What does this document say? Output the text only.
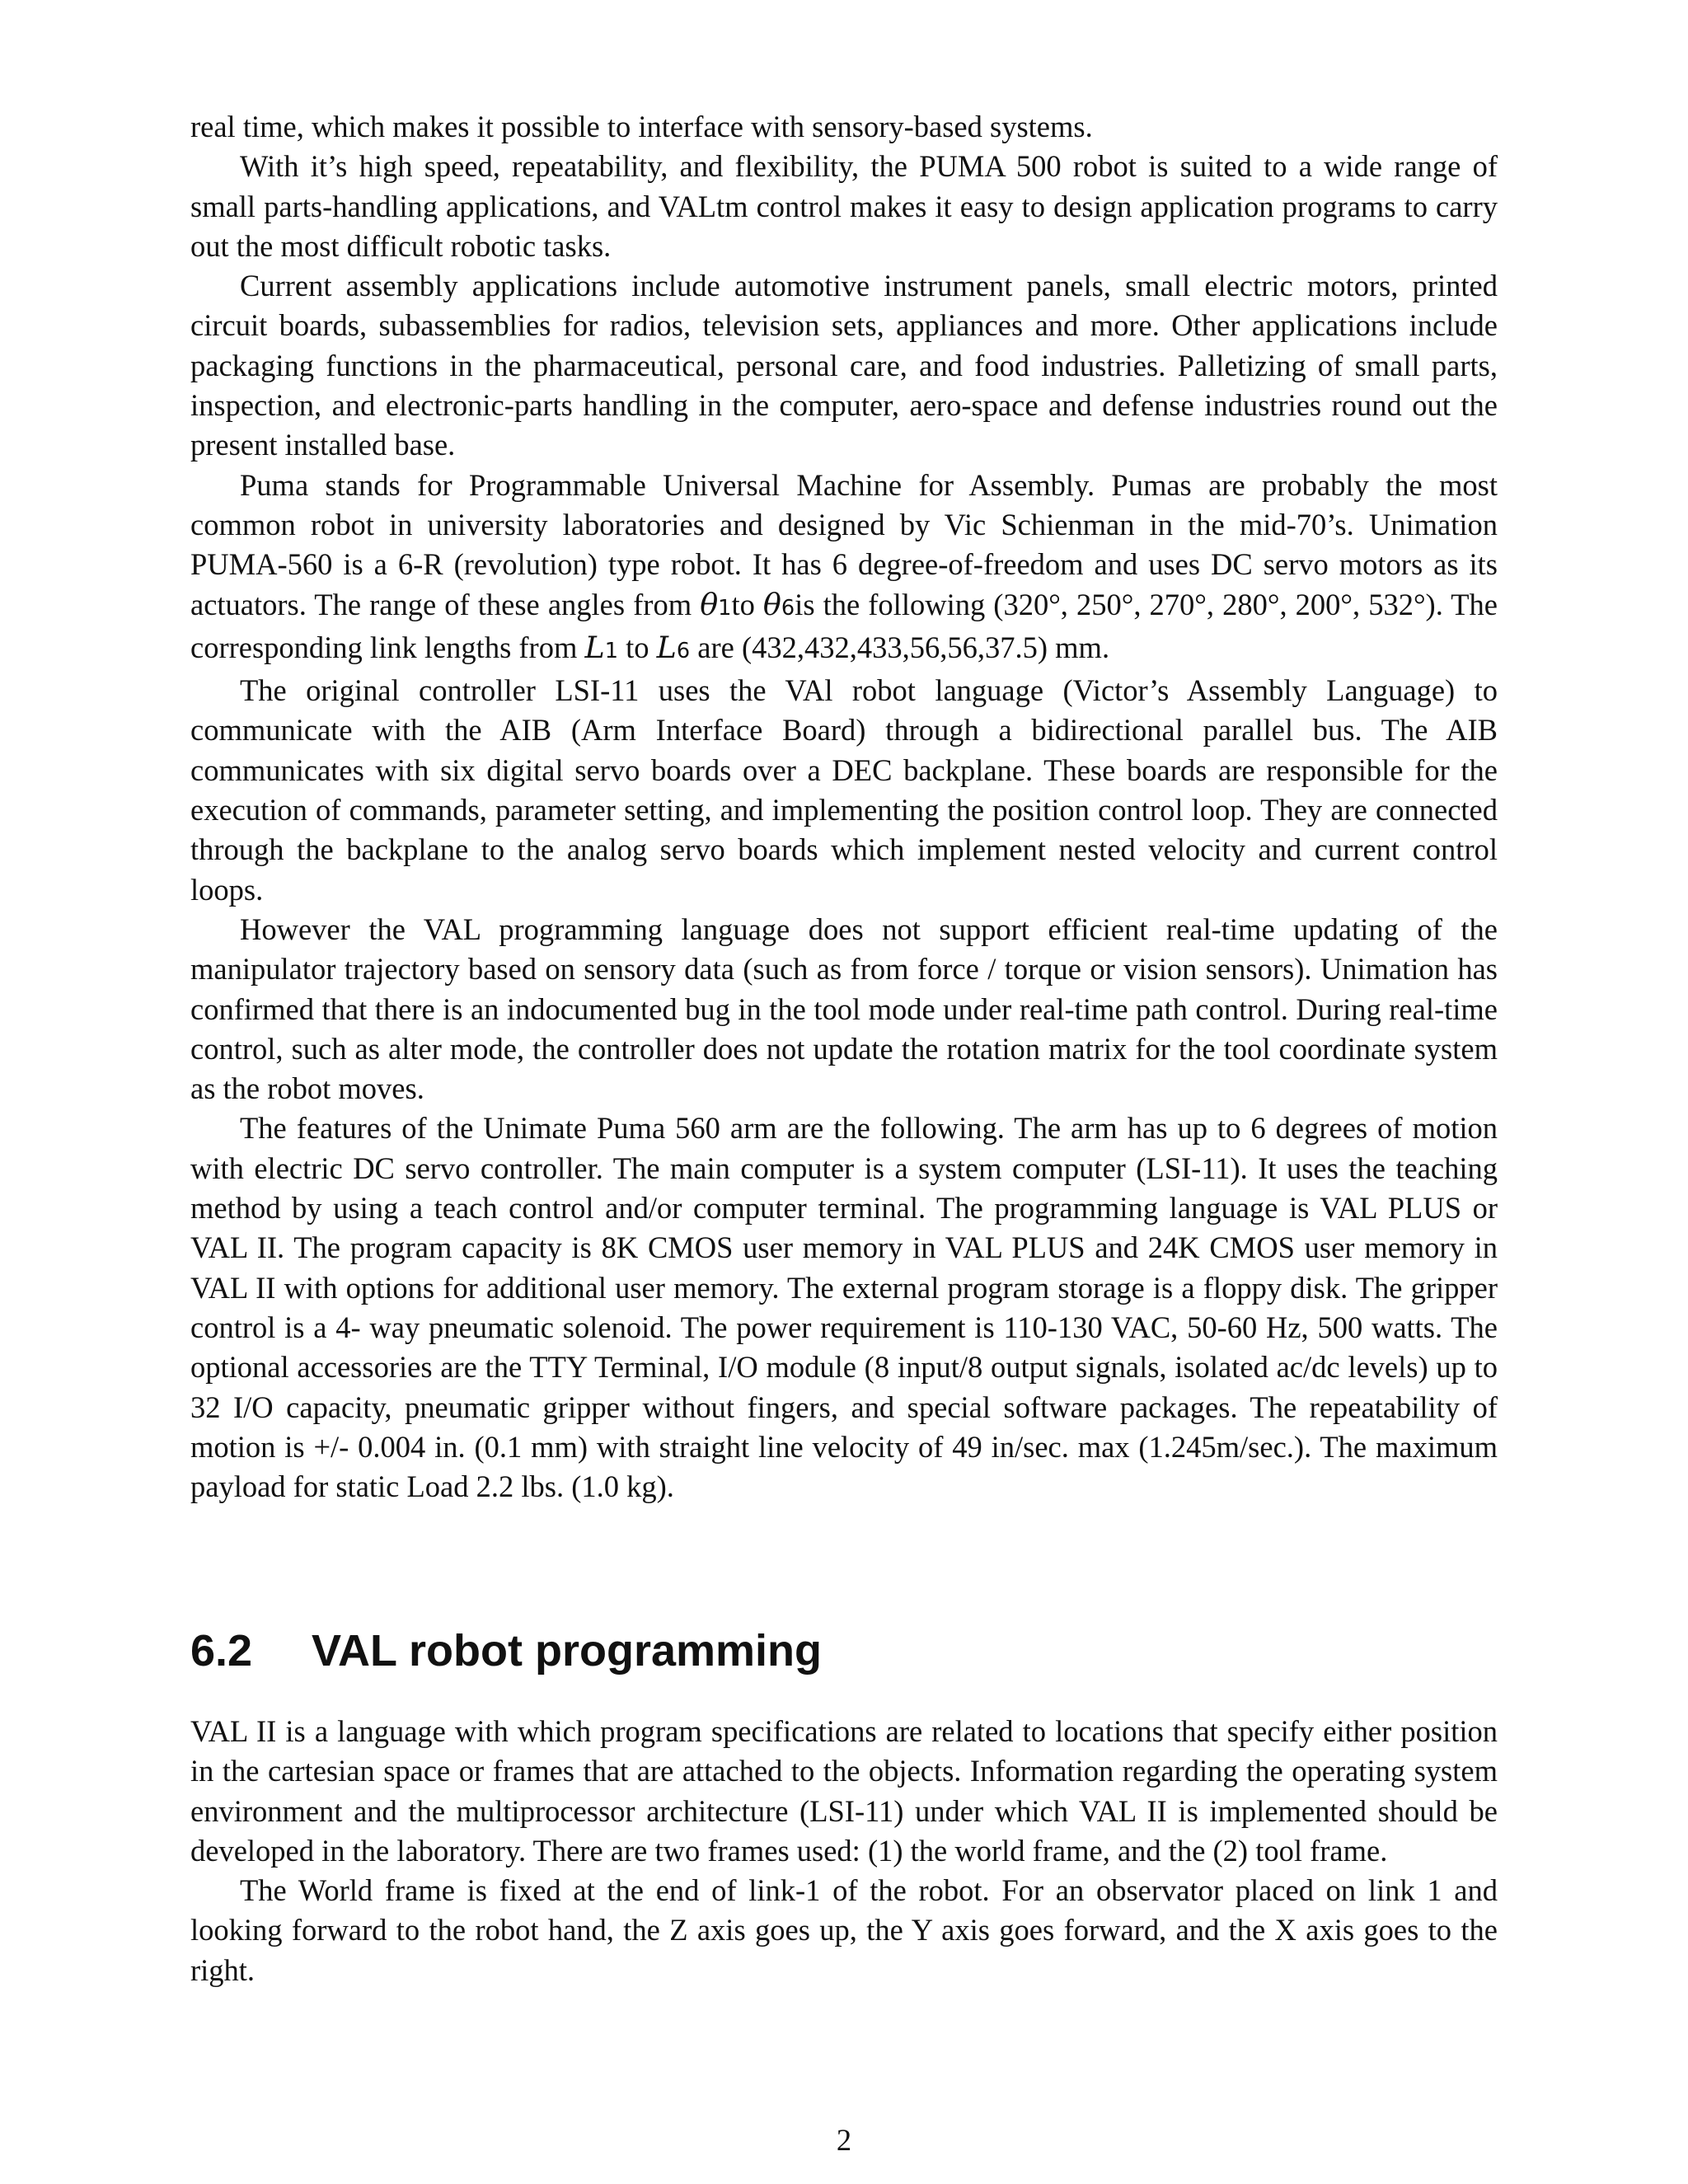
real time, which makes it possible to interface with sensory-based systems.

With it’s high speed, repeatability, and flexibility, the PUMA 500 robot is suited to a wide range of small parts-handling applications, and VALtm control makes it easy to design application programs to carry out the most difficult robotic tasks.

Current assembly applications include automotive instrument panels, small electric motors, printed circuit boards, subassemblies for radios, television sets, appliances and more. Other applications include packaging functions in the pharmaceutical, personal care, and food industries. Palletizing of small parts, inspection, and electronic-parts handling in the computer, aero-space and defense industries round out the present installed base.

Puma stands for Programmable Universal Machine for Assembly. Pumas are probably the most common robot in university laboratories and designed by Vic Schienman in the mid-70’s. Unimation PUMA-560 is a 6-R (revolution) type robot. It has 6 degree-of-freedom and uses DC servo motors as its actuators. The range of these angles from θ1to θ6is the following (320°, 250°, 270°, 280°, 200°, 532°). The corresponding link lengths from L1 to L6 are (432,432,433,56,56,37.5) mm.

The original controller LSI-11 uses the VAl robot language (Victor’s Assembly Language) to communicate with the AIB (Arm Interface Board) through a bidirectional parallel bus. The AIB communicates with six digital servo boards over a DEC backplane. These boards are responsible for the execution of commands, parameter setting, and implementing the position control loop. They are connected through the backplane to the analog servo boards which implement nested velocity and current control loops.

However the VAL programming language does not support efficient real-time updating of the manipulator trajectory based on sensory data (such as from force / torque or vision sensors). Unimation has confirmed that there is an indocumented bug in the tool mode under real-time path control. During real-time control, such as alter mode, the controller does not update the rotation matrix for the tool coordinate system as the robot moves.

The features of the Unimate Puma 560 arm are the following. The arm has up to 6 degrees of motion with electric DC servo controller. The main computer is a system computer (LSI-11). It uses the teaching method by using a teach control and/or computer terminal. The programming language is VAL PLUS or VAL II. The program capacity is 8K CMOS user memory in VAL PLUS and 24K CMOS user memory in VAL II with options for additional user memory. The external program storage is a floppy disk. The gripper control is a 4- way pneumatic solenoid. The power requirement is 110-130 VAC, 50-60 Hz, 500 watts. The optional accessories are the TTY Terminal, I/O module (8 input/8 output signals, isolated ac/dc levels) up to 32 I/O capacity, pneumatic gripper without fingers, and special software packages. The repeatability of motion is +/- 0.004 in. (0.1 mm) with straight line velocity of 49 in/sec. max (1.245m/sec.). The maximum payload for static Load 2.2 lbs. (1.0 kg).

6.2 VAL robot programming

VAL II is a language with which program specifications are related to locations that specify either position in the cartesian space or frames that are attached to the objects. Information regarding the operating system environment and the multiprocessor architecture (LSI-11) under which VAL II is implemented should be developed in the laboratory. There are two frames used: (1) the world frame, and the (2) tool frame.

The World frame is fixed at the end of link-1 of the robot. For an observator placed on link 1 and looking forward to the robot hand, the Z axis goes up, the Y axis goes forward, and the X axis goes to the right.

2
